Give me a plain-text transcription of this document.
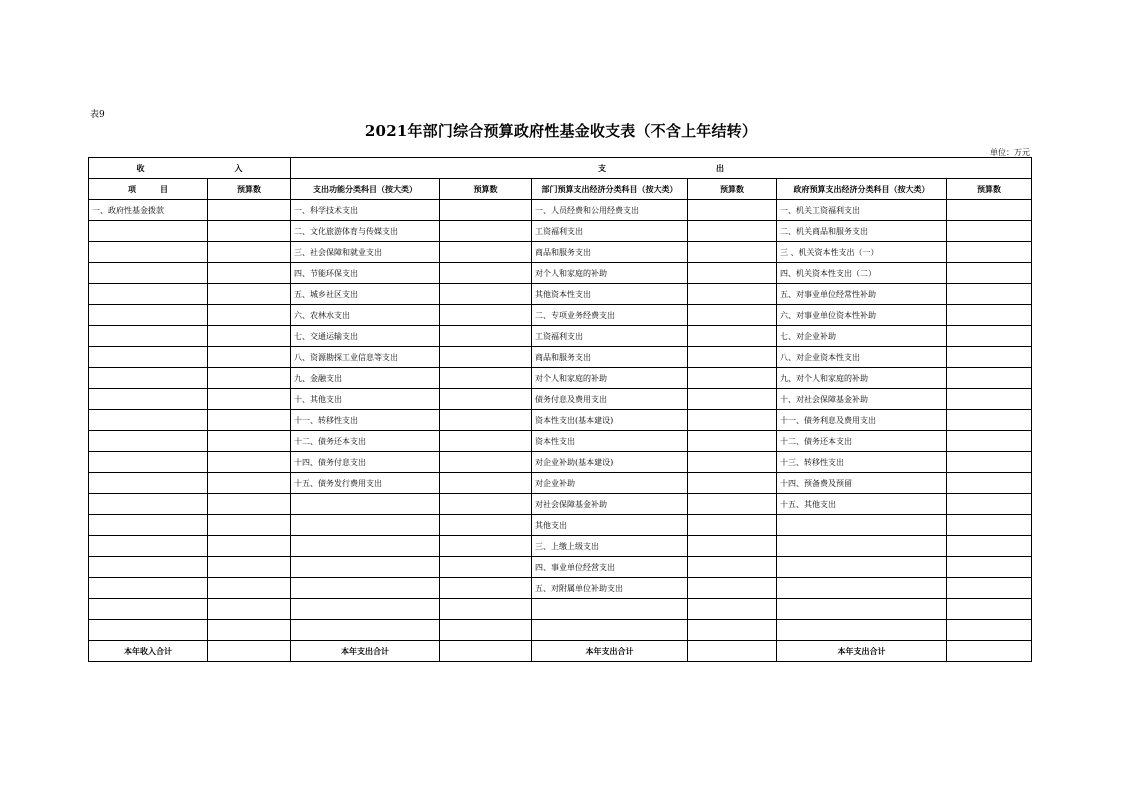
表9
2021年部门综合预算政府性基金收支表（不含上年结转）
单位：万元
收 入		支 出					
项 目	预算数	支出功能分类科目（按大类）	预算数	部门预算支出经济分类科目（按大类）	预算数	政府预算支出经济分类科目（按大类）	预算数
一、政府性基金拨款		一、科学技术支出		一、人员经费和公用经费支出		一、机关工资福利支出	
		二、文化旅游体育与传媒支出		工资福利支出		二、机关商品和服务支出	
		三、社会保障和就业支出		商品和服务支出		三 、机关资本性支出（一）	
		四、节能环保支出		对个人和家庭的补助		四、机关资本性支出（二）	
		五、城乡社区支出		其他资本性支出		五、对事业单位经常性补助	
		六、农林水支出		二、专项业务经费支出		六、对事业单位资本性补助	
		七、交通运输支出		工资福利支出		七、对企业补助	
		八、资源勘探工业信息等支出		商品和服务支出		八、对企业资本性支出	
		九、金融支出		对个人和家庭的补助		九、对个人和家庭的补助	
		十、其他支出		债务付息及费用支出		十、对社会保障基金补助	
		十一、转移性支出		资本性支出(基本建设)		十一、债务利息及费用支出	
		十二、债务还本支出		资本性支出		十二、债务还本支出	
		十四、债务付息支出		对企业补助(基本建设)		十三、转移性支出	
		十五、债务发行费用支出		对企业补助		十四、预备费及预留	
				对社会保障基金补助		十五、其他支出	
				其他支出			
				三、上缴上级支出			
				四、事业单位经营支出			
				五、对附属单位补助支出			

本年收入合计		本年支出合计		本年支出合计		本年支出合计	
